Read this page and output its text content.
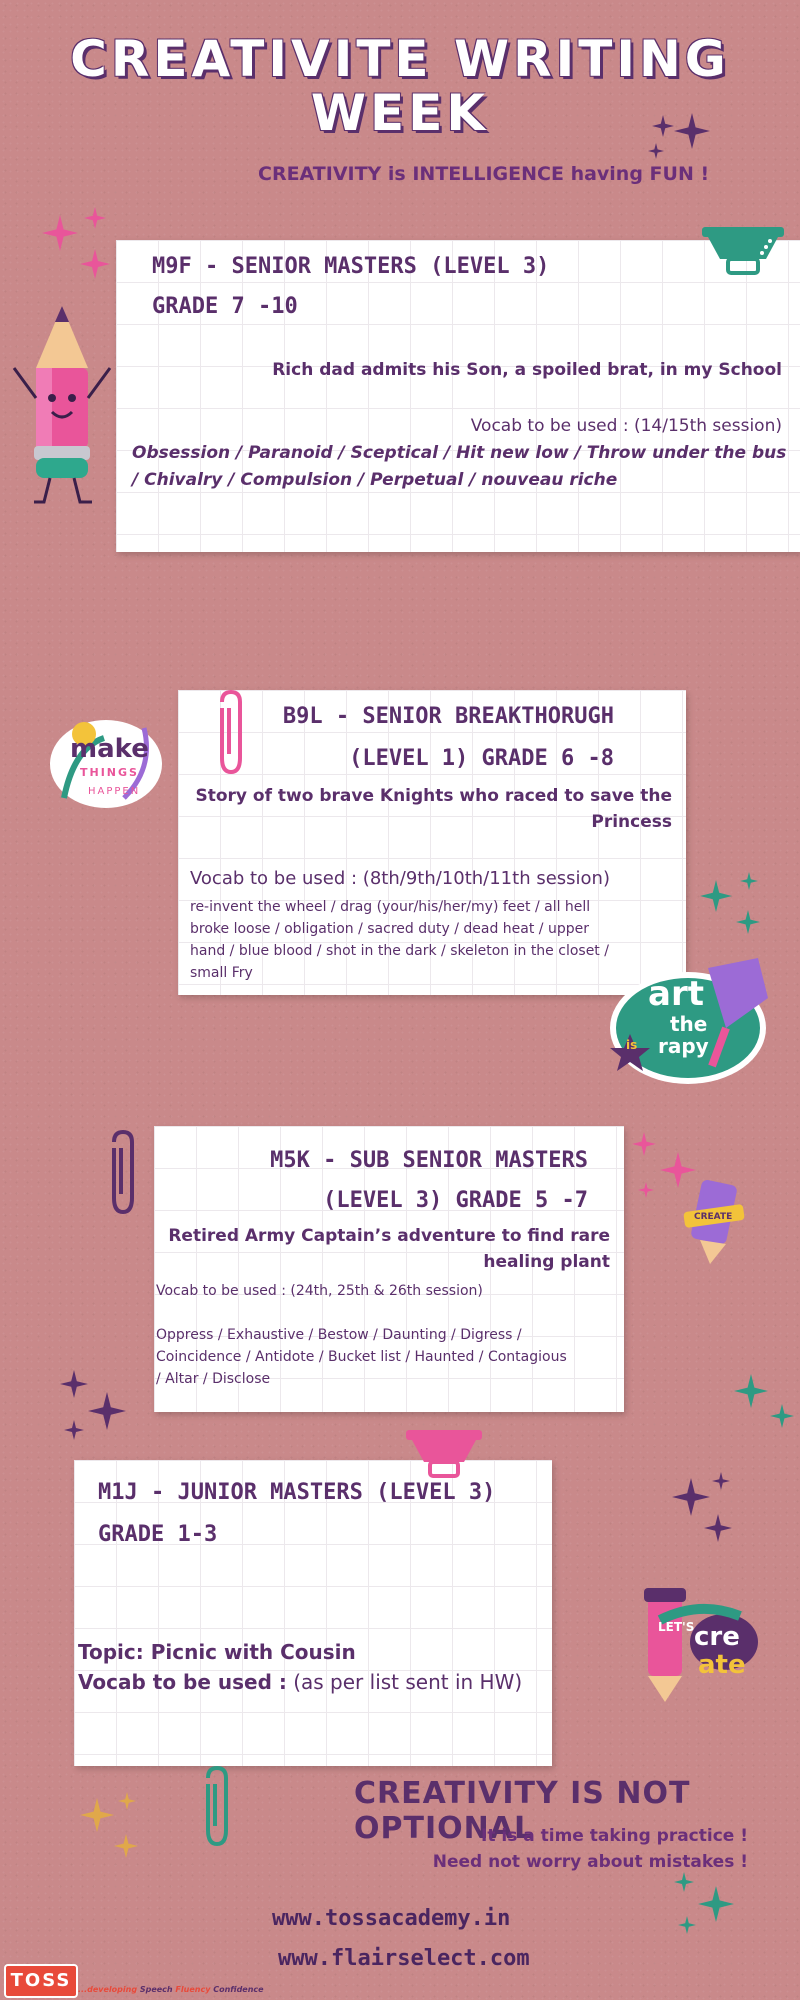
CREATIVITE WRITING
WEEK
CREATIVITY is INTELLIGENCE having FUN !
M9F - SENIOR MASTERS (LEVEL 3)
GRADE 7 -10
Rich dad admits his Son, a spoiled brat, in my School
Vocab to be used : (14/15th session)
Obsession / Paranoid / Sceptical / Hit new low / Throw under the bus
/ Chivalry / Compulsion / Perpetual / nouveau riche
B9L - SENIOR BREAKTHORUGH
(LEVEL 1) GRADE 6 -8
Story of two brave Knights who raced to save the
Princess
Vocab to be used : (8th/9th/10th/11th session)
re-invent the wheel / drag (your/his/her/my) feet / all hell
broke loose / obligation / sacred duty / dead heat / upper
hand / blue blood / shot in the dark / skeleton in the closet /
small Fry
make
THINGS
HAPPEN
art
is
the
rapy
M5K - SUB SENIOR MASTERS
(LEVEL 3) GRADE 5 -7
Retired Army Captain’s adventure to find rare
healing plant
Vocab to be used : (24th, 25th & 26th session)
Oppress / Exhaustive / Bestow / Daunting / Digress /
Coincidence / Antidote / Bucket list / Haunted / Contagious
/ Altar / Disclose
CREATE
M1J - JUNIOR MASTERS (LEVEL 3)
GRADE 1-3
Topic: Picnic with Cousin
Vocab to be used : (as per list sent in HW)
LET'S cre
ate
CREATIVITY IS NOT OPTIONAL
It is a time taking practice !
Need not worry about mistakes !
www.tossacademy.in
www.flairselect.com
TOSS ...developing Speech Fluency Confidence
